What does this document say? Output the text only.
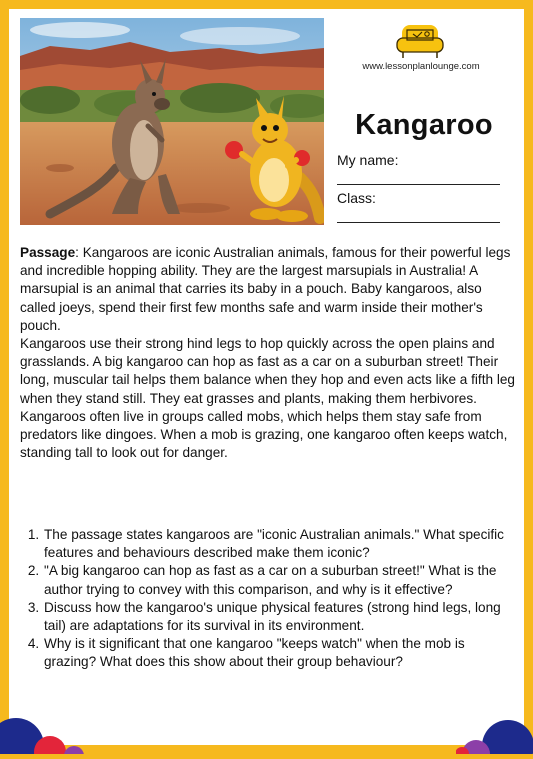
www.lessonplanlounge.com
Kangaroo
My name:
Class:

Passage: Kangaroos are iconic Australian animals, famous for their powerful legs and incredible hopping ability. They are the largest marsupials in Australia! A marsupial is an animal that carries its baby in a pouch. Baby kangaroos, also called joeys, spend their first few months safe and warm inside their mother's pouch.

Kangaroos use their strong hind legs to hop quickly across the open plains and grasslands. A big kangaroo can hop as fast as a car on a suburban street! Their long, muscular tail helps them balance when they hop and even acts like a fifth leg when they stand still. They eat grasses and plants, making them herbivores. Kangaroos often live in groups called mobs, which helps them stay safe from predators like dingoes. When a mob is grazing, one kangaroo often keeps watch, standing tall to look out for danger.

1. The passage states kangaroos are "iconic Australian animals." What specific features and behaviours described make them iconic?
2. "A big kangaroo can hop as fast as a car on a suburban street!" What is the author trying to convey with this comparison, and why is it effective?
3. Discuss how the kangaroo's unique physical features (strong hind legs, long tail) are adaptations for its survival in its environment.
4. Why is it significant that one kangaroo "keeps watch" when the mob is grazing? What does this show about their group behaviour?
